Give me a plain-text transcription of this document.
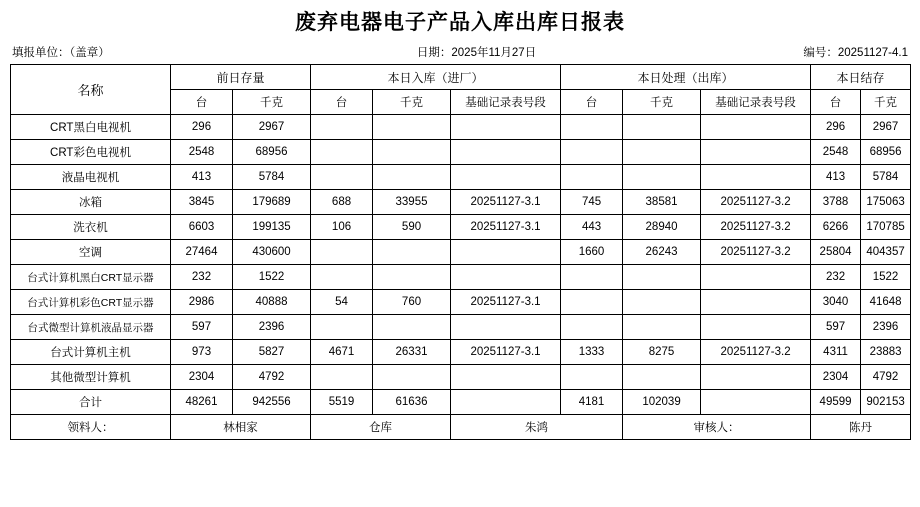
废弃电器电子产品入库出库日报表
填报单位：（盖章）	日期：2025年11月27日	编号：20251127-4.1
名称	前日存量		本日入库（进厂）			本日处理（出库）			本日结存	
	台	千克	台	千克	基础记录表号段	台	千克	基础记录表号段	台	千克
CRT黑白电视机	296	2967							296	2967
CRT彩色电视机	2548	68956							2548	68956
液晶电视机	413	5784							413	5784
冰箱	3845	179689	688	33955	20251127-3.1	745	38581	20251127-3.2	3788	175063
洗衣机	6603	199135	106	590	20251127-3.1	443	28940	20251127-3.2	6266	170785
空调	27464	430600				1660	26243	20251127-3.2	25804	404357
台式计算机黑白CRT显示器	232	1522							232	1522
台式计算机彩色CRT显示器	2986	40888	54	760	20251127-3.1				3040	41648
台式微型计算机液晶显示器	597	2396							597	2396
台式计算机主机	973	5827	4671	26331	20251127-3.1	1333	8275	20251127-3.2	4311	23883
其他微型计算机	2304	4792							2304	4792
合计	48261	942556	5519	61636		4181	102039		49599	902153
领料人：	林相家		仓库		朱鸿		审核人：		陈丹	
